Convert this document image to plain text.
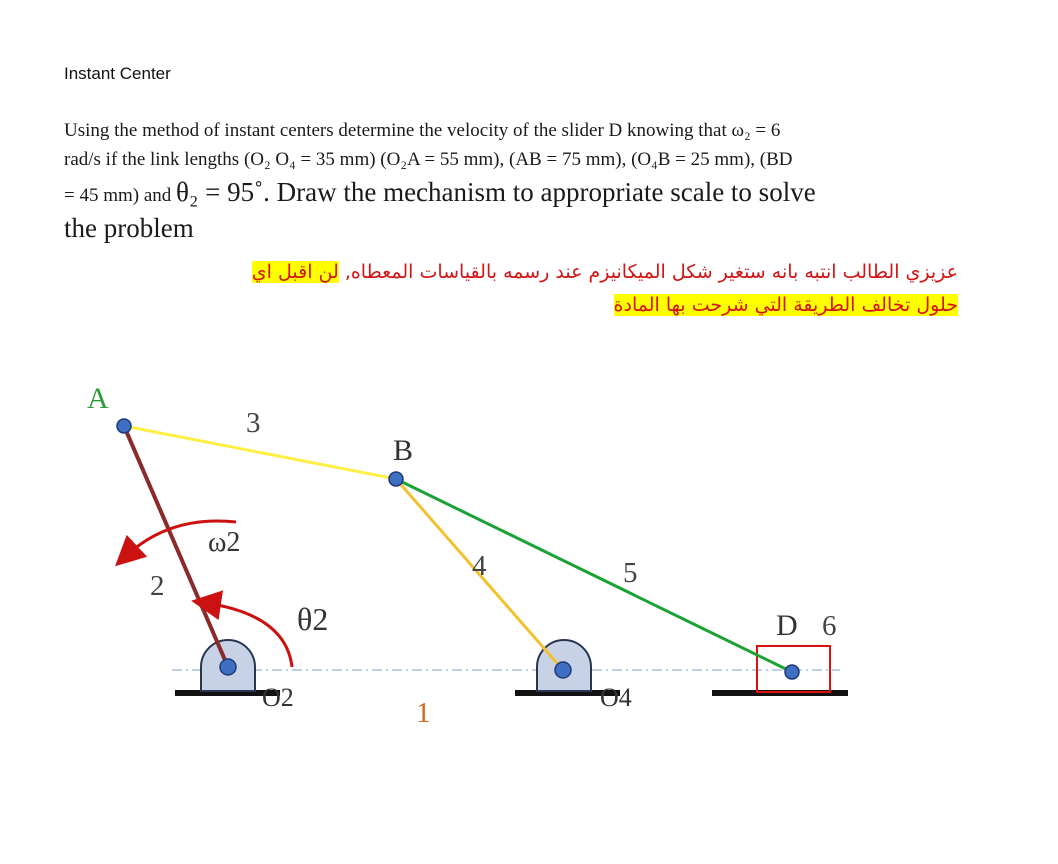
Instant Center
Using the method of instant centers determine the velocity of the slider D knowing that ω₂ = 6
rad/s if the link lengths (O₂ O₄ = 35 mm) (O₂A = 55 mm), (AB = 75 mm), (O₄B = 25 mm), (BD
= 45 mm) and θ₂ = 95˚. Draw the mechanism to appropriate scale to solve
the problem
عزيزي الطالب انتبه بانه ستغير شكل الميكانيزم عند رسمه بالقياسات المعطاه, لن اقبل اي
حلول تخالف الطريقة التي شرحت بها المادة
A
3
B
ω2
2
4	5
θ2	D 6
O2	1	O4
